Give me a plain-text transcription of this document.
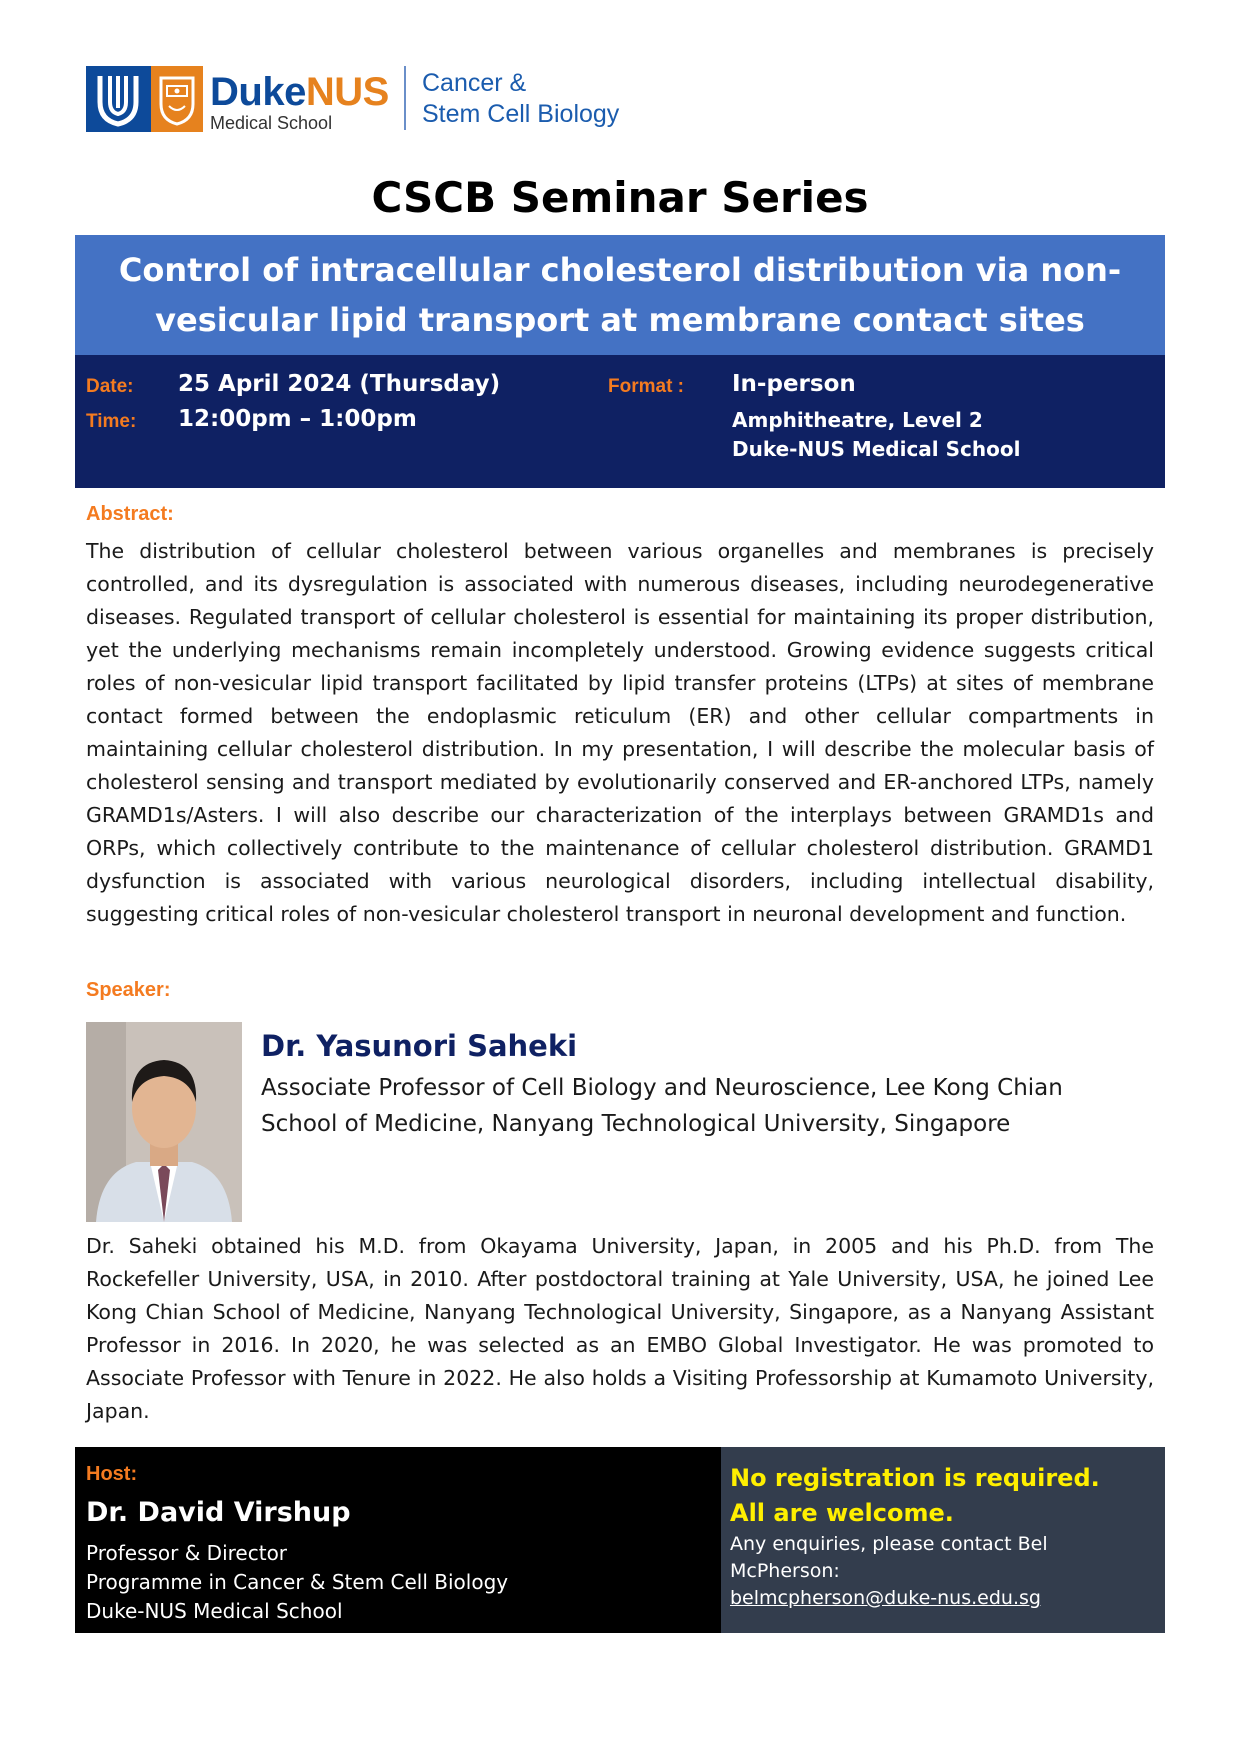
DukeNUS
Medical School
Cancer &
Stem Cell Biology
CSCB Seminar Series
Control of intracellular cholesterol distribution via non-vesicular lipid transport at membrane contact sites
Date: 25 April 2024 (Thursday)
Time: 12:00pm – 1:00pm
Format : In-person
Amphitheatre, Level 2
Duke-NUS Medical School
Abstract:
The distribution of cellular cholesterol between various organelles and membranes is precisely controlled, and its dysregulation is associated with numerous diseases, including neurodegenerative diseases. Regulated transport of cellular cholesterol is essential for maintaining its proper distribution, yet the underlying mechanisms remain incompletely understood. Growing evidence suggests critical roles of non-vesicular lipid transport facilitated by lipid transfer proteins (LTPs) at sites of membrane contact formed between the endoplasmic reticulum (ER) and other cellular compartments in maintaining cellular cholesterol distribution. In my presentation, I will describe the molecular basis of cholesterol sensing and transport mediated by evolutionarily conserved and ER-anchored LTPs, namely GRAMD1s/Asters. I will also describe our characterization of the interplays between GRAMD1s and ORPs, which collectively contribute to the maintenance of cellular cholesterol distribution. GRAMD1 dysfunction is associated with various neurological disorders, including intellectual disability, suggesting critical roles of non-vesicular cholesterol transport in neuronal development and function.
Speaker:
Dr. Yasunori Saheki
Associate Professor of Cell Biology and Neuroscience, Lee Kong Chian School of Medicine, Nanyang Technological University, Singapore
Dr. Saheki obtained his M.D. from Okayama University, Japan, in 2005 and his Ph.D. from The Rockefeller University, USA, in 2010. After postdoctoral training at Yale University, USA, he joined Lee Kong Chian School of Medicine, Nanyang Technological University, Singapore, as a Nanyang Assistant Professor in 2016. In 2020, he was selected as an EMBO Global Investigator. He was promoted to Associate Professor with Tenure in 2022. He also holds a Visiting Professorship at Kumamoto University, Japan.
Host:
Dr. David Virshup
Professor & Director
Programme in Cancer & Stem Cell Biology
Duke-NUS Medical School
No registration is required.
All are welcome.
Any enquiries, please contact Bel McPherson:
belmcpherson@duke-nus.edu.sg
